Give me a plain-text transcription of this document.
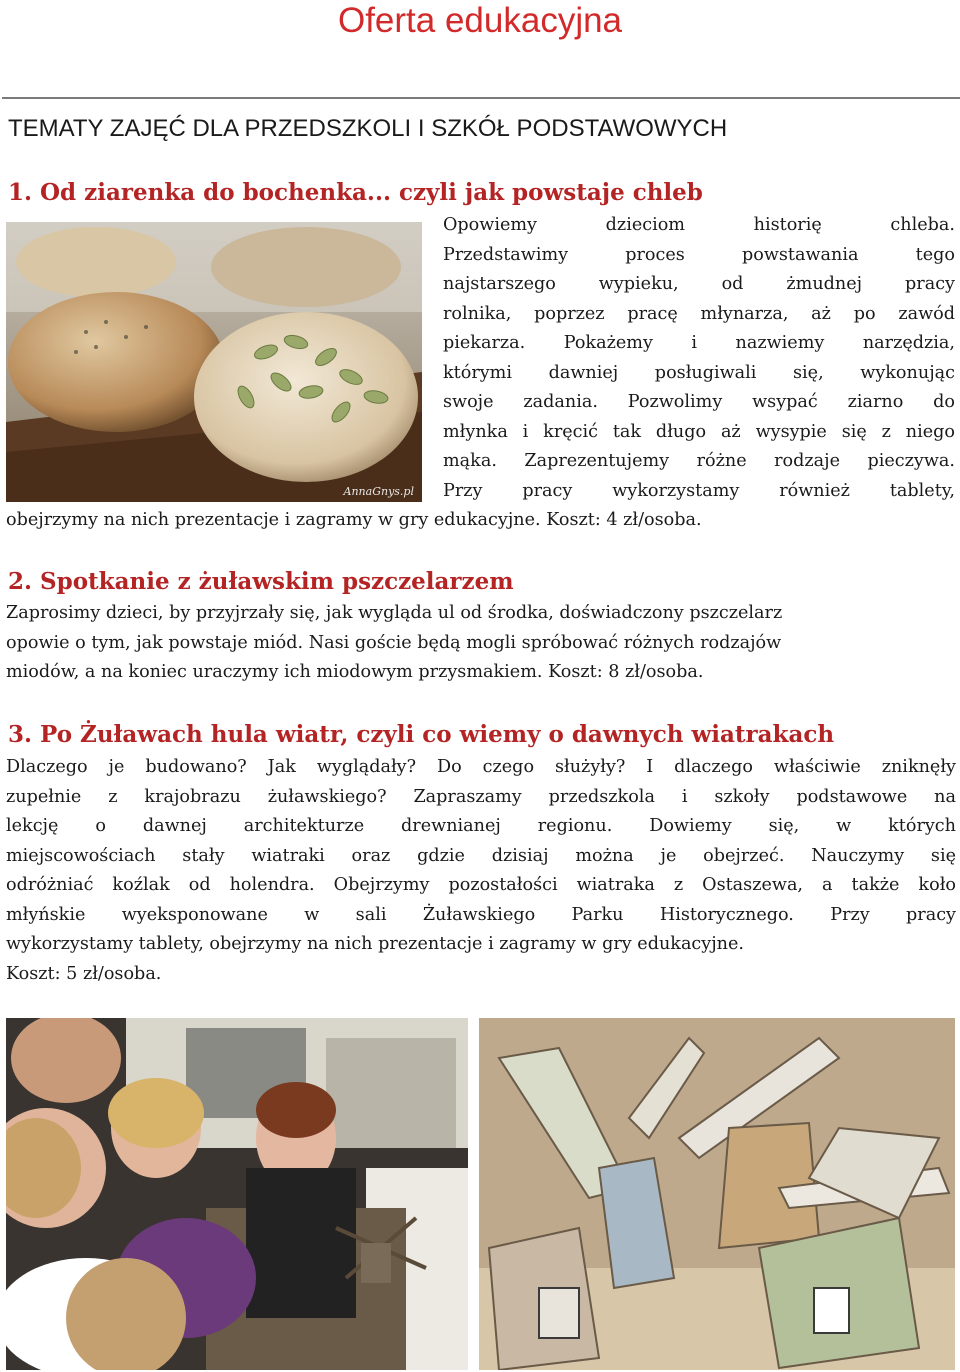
Oferta edukacyjna
TEMATY ZAJĘĆ DLA PRZEDSZKOLI I SZKÓŁ PODSTAWOWYCH
1. Od ziarenka do bochenka... czyli jak powstaje chleb
AnnaGnys.pl
Opowiemy dzieciom historię chleba.
Przedstawimy proces powstawania tego
najstarszego wypieku, od żmudnej pracy
rolnika, poprzez pracę młynarza, aż po zawód
piekarza. Pokażemy i nazwiemy narzędzia,
którymi dawniej posługiwali się, wykonując
swoje zadania. Pozwolimy wsypać ziarno do
młynka i kręcić tak długo aż wysypie się z niego
mąka. Zaprezentujemy różne rodzaje pieczywa.
Przy pracy wykorzystamy również tablety,
obejrzymy na nich prezentacje i zagramy w gry edukacyjne. Koszt: 4 zł/osoba.
2. Spotkanie z żuławskim pszczelarzem
Zaprosimy dzieci, by przyjrzały się, jak wygląda ul od środka, doświadczony pszczelarz
opowie o tym, jak powstaje miód. Nasi goście będą mogli spróbować różnych rodzajów
miodów, a na koniec uraczymy ich miodowym przysmakiem. Koszt: 8 zł/osoba.
3. Po Żuławach hula wiatr, czyli co wiemy o dawnych wiatrakach
Dlaczego je budowano? Jak wyglądały? Do czego służyły? I dlaczego właściwie zniknęły
zupełnie z krajobrazu żuławskiego? Zapraszamy przedszkola i szkoły podstawowe na
lekcję o dawnej architekturze drewnianej regionu. Dowiemy się, w których
miejscowościach stały wiatraki oraz gdzie dzisiaj można je obejrzeć. Nauczymy się
odróżniać koźlak od holendra. Obejrzymy pozostałości wiatraka z Ostaszewa, a także koło
młyńskie wyeksponowane w sali Żuławskiego Parku Historycznego. Przy pracy
wykorzystamy tablety, obejrzymy na nich prezentacje i zagramy w gry edukacyjne.
Koszt: 5 zł/osoba.
